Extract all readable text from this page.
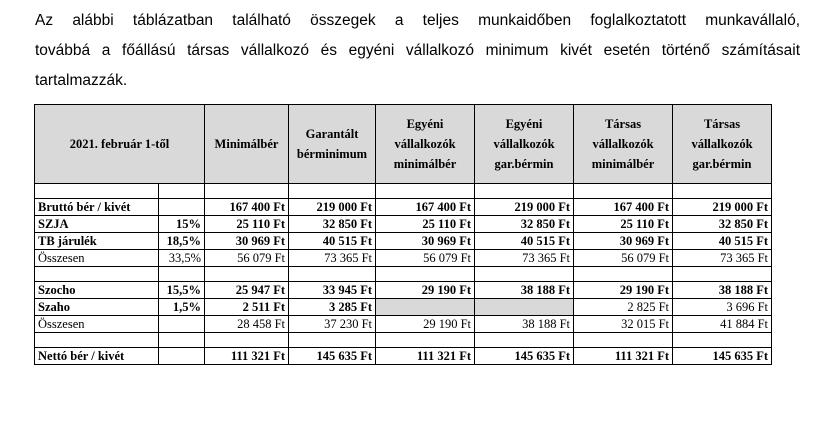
Az alábbi táblázatban található összegek a teljes munkaidőben foglalkoztatott munkavállaló,
továbbá a főállású társas vállalkozó és egyéni vállalkozó minimum kivét esetén történő számításait
tartalmazzák.
2021. február 1-től		Minimálbér	Garantált bérminimum	Egyéni vállalkozók minimálbér	Egyéni vállalkozók gar.bérmin	Társas vállalkozók minimálbér	Társas vállalkozók gar.bérmin

Bruttó bér / kivét		167 400 Ft	219 000 Ft	167 400 Ft	219 000 Ft	167 400 Ft	219 000 Ft
SZJA	15%	25 110 Ft	32 850 Ft	25 110 Ft	32 850 Ft	25 110 Ft	32 850 Ft
TB járulék	18,5%	30 969 Ft	40 515 Ft	30 969 Ft	40 515 Ft	30 969 Ft	40 515 Ft
Összesen	33,5%	56 079 Ft	73 365 Ft	56 079 Ft	73 365 Ft	56 079 Ft	73 365 Ft

Szocho	15,5%	25 947 Ft	33 945 Ft	29 190 Ft	38 188 Ft	29 190 Ft	38 188 Ft
Szaho	1,5%	2 511 Ft	3 285 Ft			2 825 Ft	3 696 Ft
Összesen		28 458 Ft	37 230 Ft	29 190 Ft	38 188 Ft	32 015 Ft	41 884 Ft

Nettó bér / kivét		111 321 Ft	145 635 Ft	111 321 Ft	145 635 Ft	111 321 Ft	145 635 Ft
